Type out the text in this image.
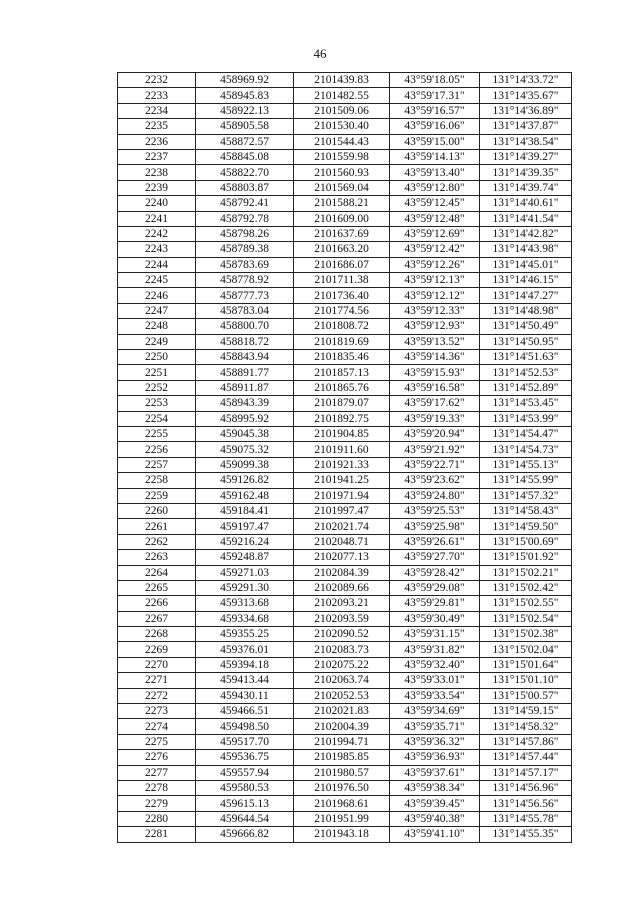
46
2232	458969.92	2101439.83	43°59'18.05"	131°14'33.72"
2233	458945.83	2101482.55	43°59'17.31"	131°14'35.67"
2234	458922.13	2101509.06	43°59'16.57"	131°14'36.89"
2235	458905.58	2101530.40	43°59'16.06"	131°14'37.87"
2236	458872.57	2101544.43	43°59'15.00"	131°14'38.54"
2237	458845.08	2101559.98	43°59'14.13"	131°14'39.27"
2238	458822.70	2101560.93	43°59'13.40"	131°14'39.35"
2239	458803.87	2101569.04	43°59'12.80"	131°14'39.74"
2240	458792.41	2101588.21	43°59'12.45"	131°14'40.61"
2241	458792.78	2101609.00	43°59'12.48"	131°14'41.54"
2242	458798.26	2101637.69	43°59'12.69"	131°14'42.82"
2243	458789.38	2101663.20	43°59'12.42"	131°14'43.98"
2244	458783.69	2101686.07	43°59'12.26"	131°14'45.01"
2245	458778.92	2101711.38	43°59'12.13"	131°14'46.15"
2246	458777.73	2101736.40	43°59'12.12"	131°14'47.27"
2247	458783.04	2101774.56	43°59'12.33"	131°14'48.98"
2248	458800.70	2101808.72	43°59'12.93"	131°14'50.49"
2249	458818.72	2101819.69	43°59'13.52"	131°14'50.95"
2250	458843.94	2101835.46	43°59'14.36"	131°14'51.63"
2251	458891.77	2101857.13	43°59'15.93"	131°14'52.53"
2252	458911.87	2101865.76	43°59'16.58"	131°14'52.89"
2253	458943.39	2101879.07	43°59'17.62"	131°14'53.45"
2254	458995.92	2101892.75	43°59'19.33"	131°14'53.99"
2255	459045.38	2101904.85	43°59'20.94"	131°14'54.47"
2256	459075.32	2101911.60	43°59'21.92"	131°14'54.73"
2257	459099.38	2101921.33	43°59'22.71"	131°14'55.13"
2258	459126.82	2101941.25	43°59'23.62"	131°14'55.99"
2259	459162.48	2101971.94	43°59'24.80"	131°14'57.32"
2260	459184.41	2101997.47	43°59'25.53"	131°14'58.43"
2261	459197.47	2102021.74	43°59'25.98"	131°14'59.50"
2262	459216.24	2102048.71	43°59'26.61"	131°15'00.69"
2263	459248.87	2102077.13	43°59'27.70"	131°15'01.92"
2264	459271.03	2102084.39	43°59'28.42"	131°15'02.21"
2265	459291.30	2102089.66	43°59'29.08"	131°15'02.42"
2266	459313.68	2102093.21	43°59'29.81"	131°15'02.55"
2267	459334.68	2102093.59	43°59'30.49"	131°15'02.54"
2268	459355.25	2102090.52	43°59'31.15"	131°15'02.38"
2269	459376.01	2102083.73	43°59'31.82"	131°15'02.04"
2270	459394.18	2102075.22	43°59'32.40"	131°15'01.64"
2271	459413.44	2102063.74	43°59'33.01"	131°15'01.10"
2272	459430.11	2102052.53	43°59'33.54"	131°15'00.57"
2273	459466.51	2102021.83	43°59'34.69"	131°14'59.15"
2274	459498.50	2102004.39	43°59'35.71"	131°14'58.32"
2275	459517.70	2101994.71	43°59'36.32"	131°14'57.86"
2276	459536.75	2101985.85	43°59'36.93"	131°14'57.44"
2277	459557.94	2101980.57	43°59'37.61"	131°14'57.17"
2278	459580.53	2101976.50	43°59'38.34"	131°14'56.96"
2279	459615.13	2101968.61	43°59'39.45"	131°14'56.56"
2280	459644.54	2101951.99	43°59'40.38"	131°14'55.78"
2281	459666.82	2101943.18	43°59'41.10"	131°14'55.35"
